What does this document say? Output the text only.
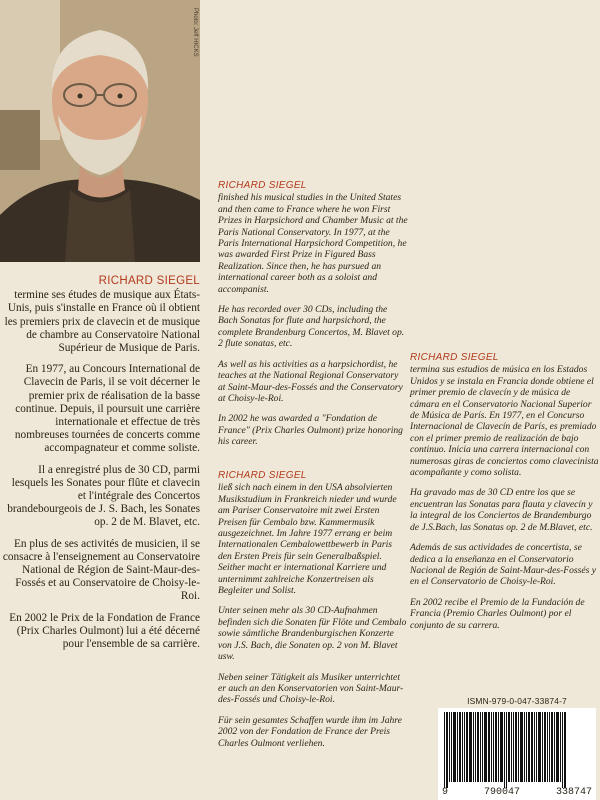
Photo: Jeff HICKS
RICHARD SIEGEL

termine ses études de musique aux États-Unis, puis s'installe en France où il obtient les premiers prix de clavecin et de musique de chambre au Conservatoire National Supérieur de Musique de Paris.

En 1977, au Concours International de Clavecin de Paris, il se voit décerner le premier prix de réalisation de la basse continue. Depuis, il poursuit une carrière internationale et effectue de très nombreuses tournées de concerts comme accompagnateur et comme soliste.

Il a enregistré plus de 30 CD, parmi lesquels les Sonates pour flûte et clavecin et l'intégrale des Concertos brandebourgeois de J. S. Bach, les Sonates op. 2 de M. Blavet, etc.

En plus de ses activités de musicien, il se consacre à l'enseignement au Conservatoire National de Région de Saint-Maur-des-Fossés et au Conservatoire de Choisy-le-Roi.

En 2002 le Prix de la Fondation de France (Prix Charles Oulmont) lui a été décerné pour l'ensemble de sa carrière.

RICHARD SIEGEL

finished his musical studies in the United States and then came to France where he won First Prizes in Harpsichord and Chamber Music at the Paris National Conservatory. In 1977, at the Paris International Harpsichord Competition, he was awarded First Prize in Figured Bass Realization. Since then, he has pursued an international career both as a soloist and accompanist.

He has recorded over 30 CDs, including the Bach Sonatas for flute and harpsichord, the complete Brandenburg Concertos, M. Blavet op. 2 flute sonatas, etc.

As well as his activities as a harpsichordist, he teaches at the National Regional Conservatory at Saint-Maur-des-Fossés and the Conservatory at Choisy-le-Roi.

In 2002 he was awarded a "Fondation de France" (Prix Charles Oulmont) prize honoring his career.

RICHARD SIEGEL

ließ sich nach einem in den USA absolvierten Musikstudium in Frankreich nieder und wurde am Pariser Conservatoire mit zwei Ersten Preisen für Cembalo bzw. Kammermusik ausgezeichnet. Im Jahre 1977 errang er beim Internationalen Cembalowettbewerb in Paris den Ersten Preis für sein Generalbaßspiel. Seither macht er international Karriere und unternimmt zahlreiche Konzertreisen als Begleiter und Solist.

Unter seinen mehr als 30 CD-Aufnahmen befinden sich die Sonaten für Flöte und Cembalo sowie sämtliche Brandenburgischen Konzerte von J.S. Bach, die Sonaten op. 2 von M. Blavet usw.

Neben seiner Tätigkeit als Musiker unterrichtet er auch an den Konservatorien von Saint-Maur-des-Fossés und Choisy-le-Roi.

Für sein gesamtes Schaffen wurde ihm im Jahre 2002 von der Fondation de France der Preis Charles Oulmont verliehen.

RICHARD SIEGEL

termina sus estudios de música en los Estados Unidos y se instala en Francia donde obtiene el primer premio de clavecín y de música de cámara en el Conservatorio Nacional Superior de Música de París. En 1977, en el Concurso Internacional de Clavecín de París, es premiado con el primer premio de realización de bajo continuo. Inicia una carrera internacional con numerosas giras de conciertos como clavecinista acompañante y como solista.

Ha gravado mas de 30 CD entre los que se encuentran las Sonatas para flauta y clavecín y la integral de los Conciertos de Brandemburgo de J.S.Bach, las Sonatas op. 2 de M.Blavet, etc.

Además de sus actividades de concertista, se dedica a la enseñanza en el Conservatorio Nacional de Región de Saint-Maur-des-Fossés y en el Conservatorio de Choisy-le-Roi.

En 2002 recibe el Premio de la Fundación de Francia (Premio Charles Oulmont) por el conjunto de su carrera.

ISMN-979-0-047-33874-7
9	790047	338747
